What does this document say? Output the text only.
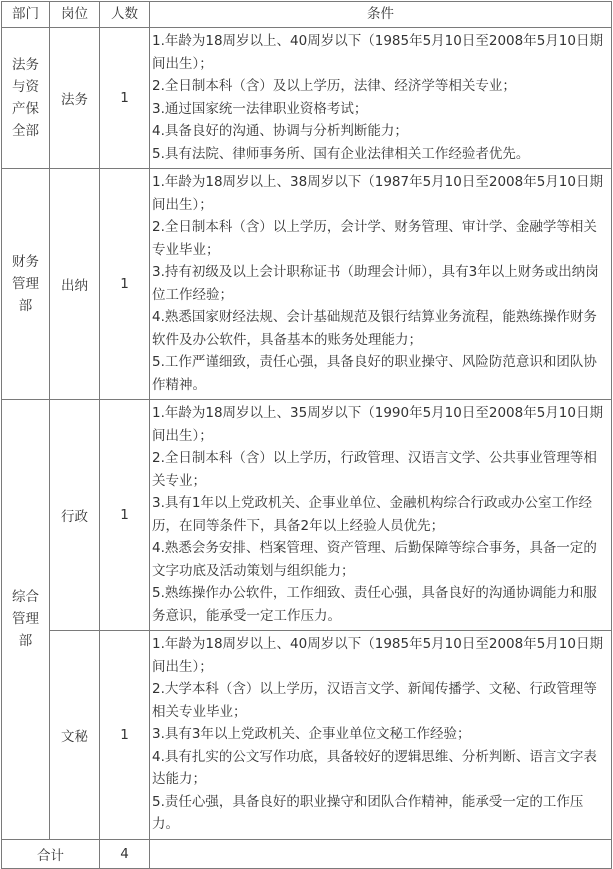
部门	岗位	人数	条件
法务与资产保全部	法务	1	1.年龄为18周岁以上、40周岁以下（1985年5月10日至2008年5月10日期间出生）；
2.全日制本科（含）及以上学历，法律、经济学等相关专业；
3.通过国家统一法律职业资格考试；
4.具备良好的沟通、协调与分析判断能力；
5.具有法院、律师事务所、国有企业法律相关工作经验者优先。

财务管理部	出纳	1	1.年龄为18周岁以上、38周岁以下（1987年5月10日至2008年5月10日期间出生）；
2.全日制本科（含）以上学历，会计学、财务管理、审计学、金融学等相关专业毕业；
3.持有初级及以上会计职称证书（助理会计师），具有3年以上财务或出纳岗位工作经验；
4.熟悉国家财经法规、会计基础规范及银行结算业务流程，能熟练操作财务软件及办公软件，具备基本的账务处理能力；
5.工作严谨细致，责任心强，具备良好的职业操守、风险防范意识和团队协作精神。

综合管理部	行政	1	1.年龄为18周岁以上、35周岁以下（1990年5月10日至2008年5月10日期间出生）；
2.全日制本科（含）以上学历，行政管理、汉语言文学、公共事业管理等相关专业；
3.具有1年以上党政机关、企事业单位、金融机构综合行政或办公室工作经历，在同等条件下，具备2年以上经验人员优先；
4.熟悉会务安排、档案管理、资产管理、后勤保障等综合事务，具备一定的文字功底及活动策划与组织能力；
5.熟练操作办公软件，工作细致、责任心强，具备良好的沟通协调能力和服务意识，能承受一定工作压力。

	文秘	1	1.年龄为18周岁以上、40周岁以下（1985年5月10日至2008年5月10日期间出生）；
2.大学本科（含）以上学历，汉语言文学、新闻传播学、文秘、行政管理等相关专业毕业；
3.具有3年以上党政机关、企事业单位文秘工作经验；
4.具有扎实的公文写作功底，具备较好的逻辑思维、分析判断、语言文字表达能力；
5.责任心强，具备良好的职业操守和团队合作精神，能承受一定的工作压力。

合计		4	
